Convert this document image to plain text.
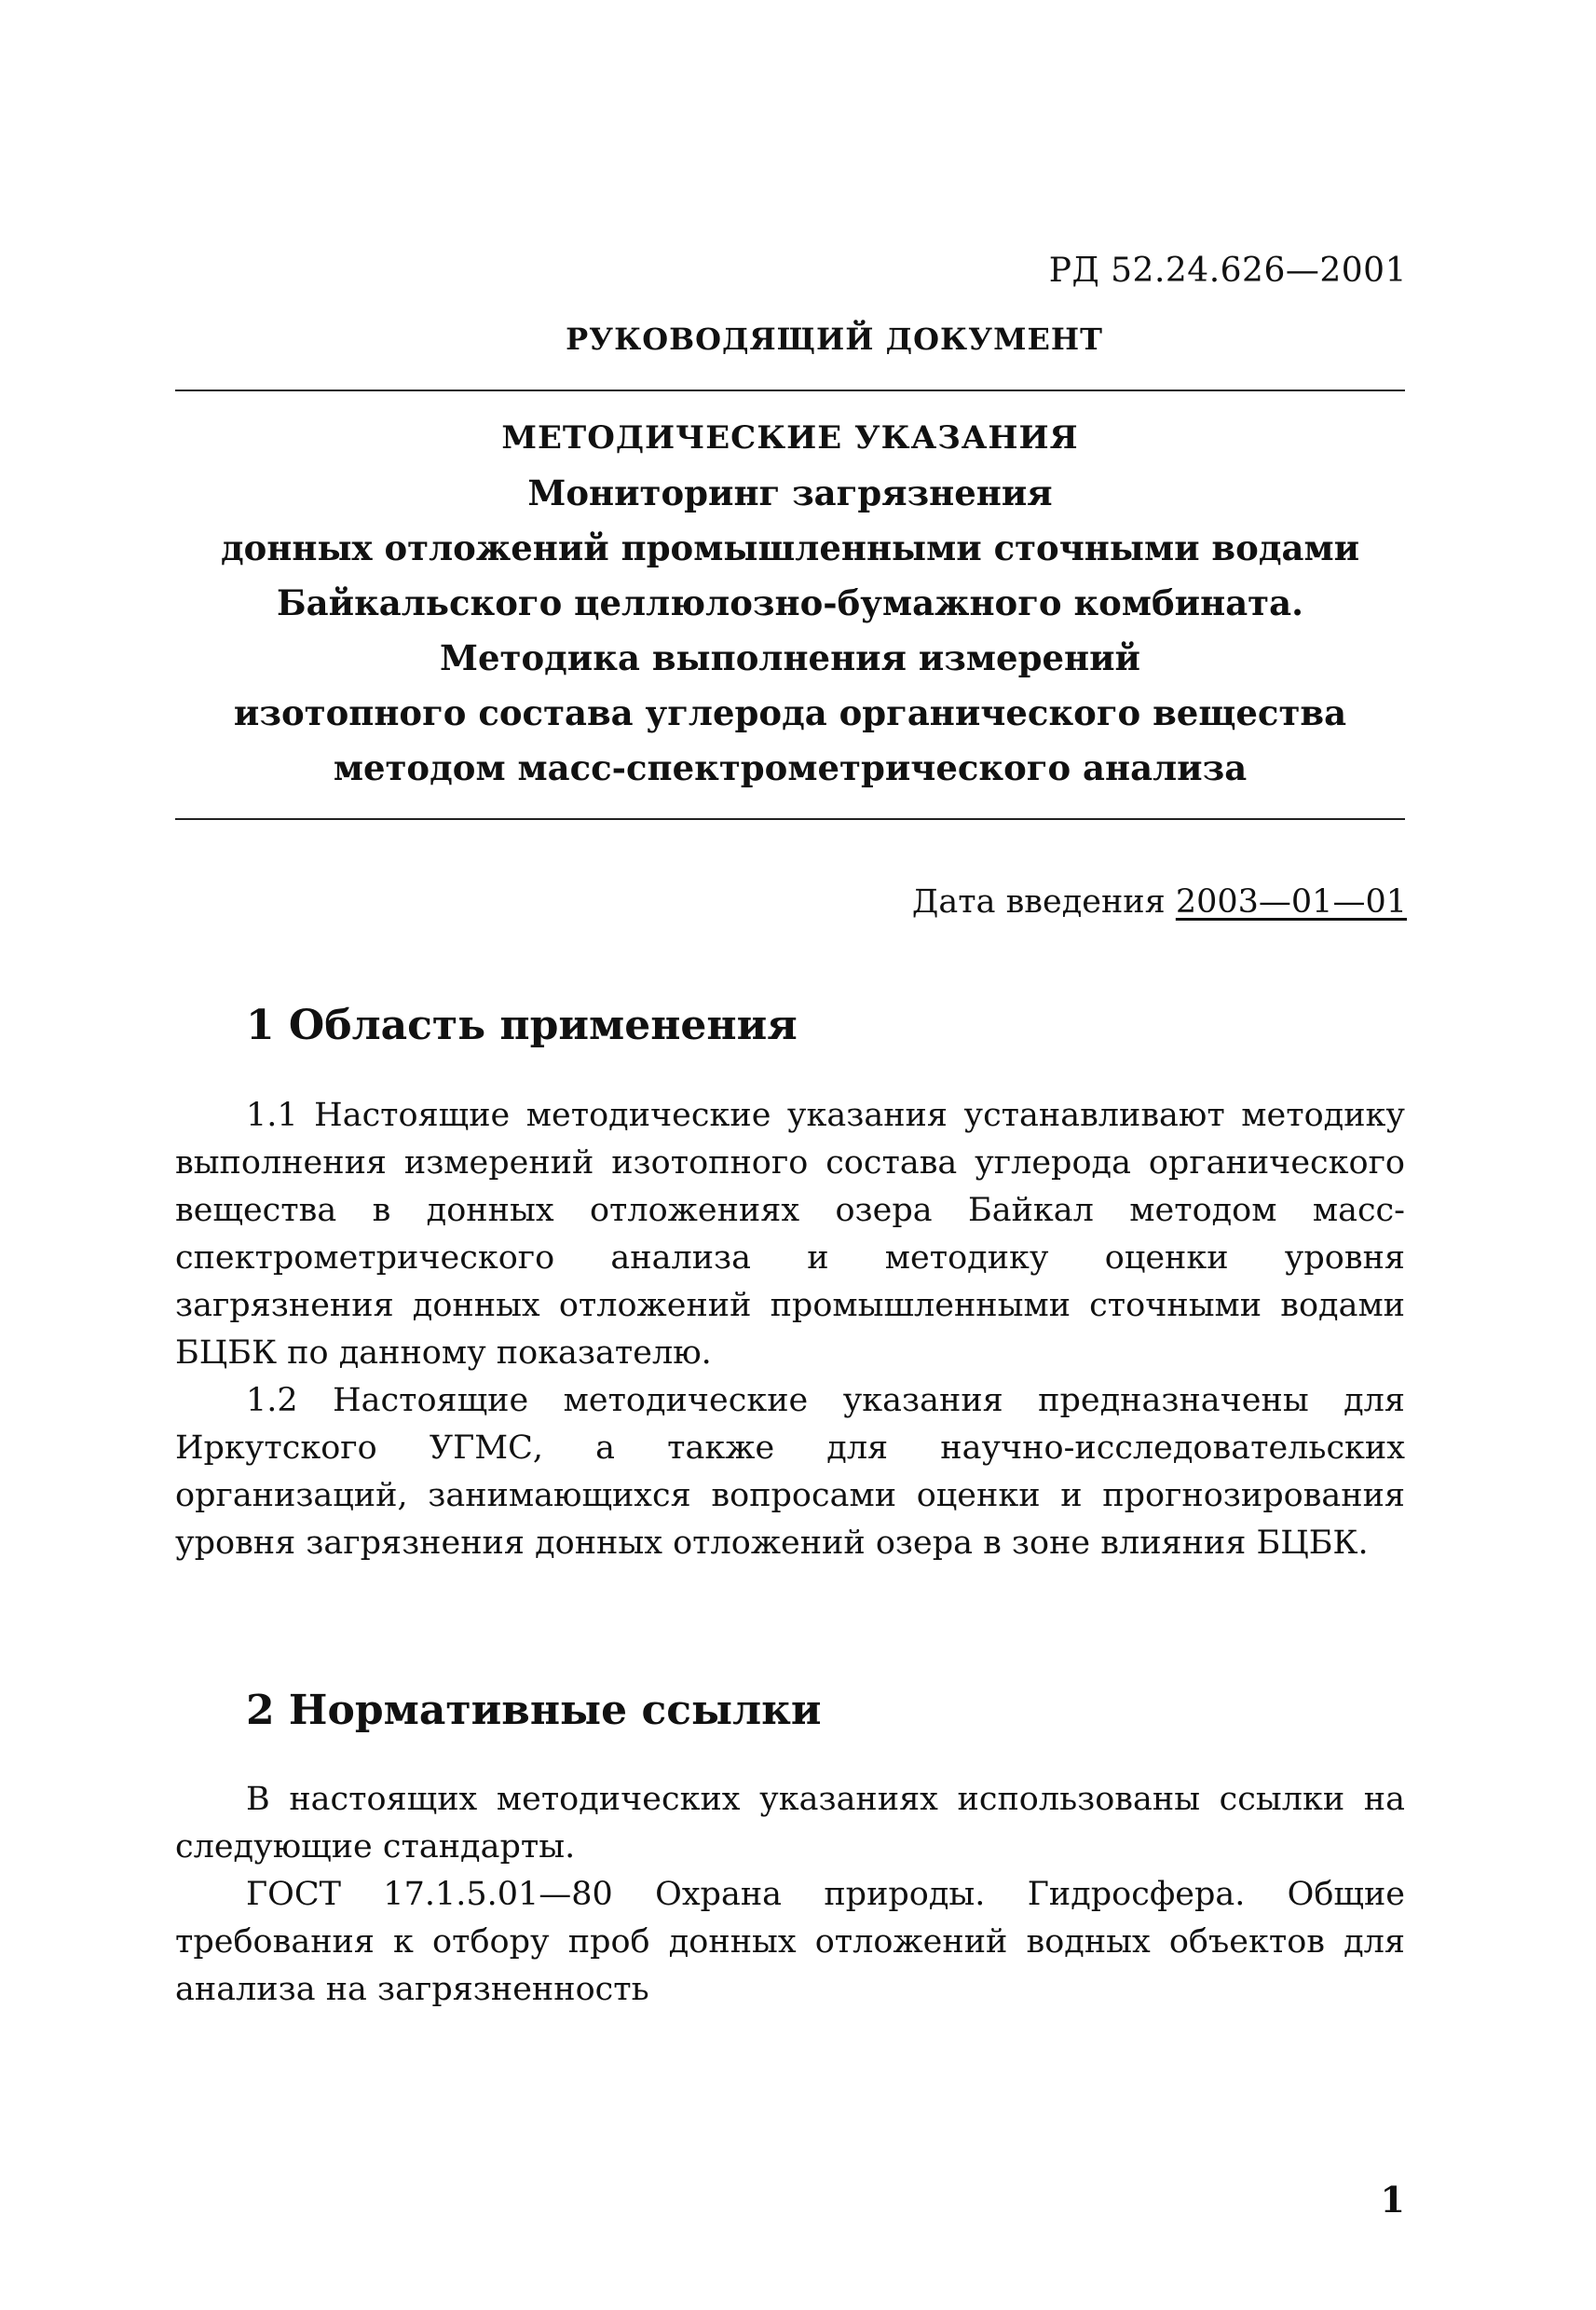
РД 52.24.626—2001
РУКОВОДЯЩИЙ ДОКУМЕНТ
МЕТОДИЧЕСКИЕ УКАЗАНИЯ
Мониторинг загрязнения
донных отложений промышленными сточными водами
Байкальского целлюлозно-бумажного комбината.
Методика выполнения измерений
изотопного состава углерода органического вещества
методом масс-спектрометрического анализа
Дата введения 2003—01—01
1 Область применения

1.1 Настоящие методические указания устанавливают методику выполнения измерений изотопного состава углерода органического вещества в донных отложениях озера Байкал методом масс-спектрометрического анализа и методику оценки уровня загрязнения донных отложений промышленными сточными водами БЦБК по данному показателю.

1.2 Настоящие методические указания предназначены для Иркутского УГМС, а также для научно-исследовательских организаций, занимающихся вопросами оценки и прогнозирования уровня загрязнения донных отложений озера в зоне влияния БЦБК.

2 Нормативные ссылки

В настоящих методических указаниях использованы ссылки на следующие стандарты.

ГОСТ 17.1.5.01—80 Охрана природы. Гидросфера. Общие требования к отбору проб донных отложений водных объектов для анализа на загрязненность

1
